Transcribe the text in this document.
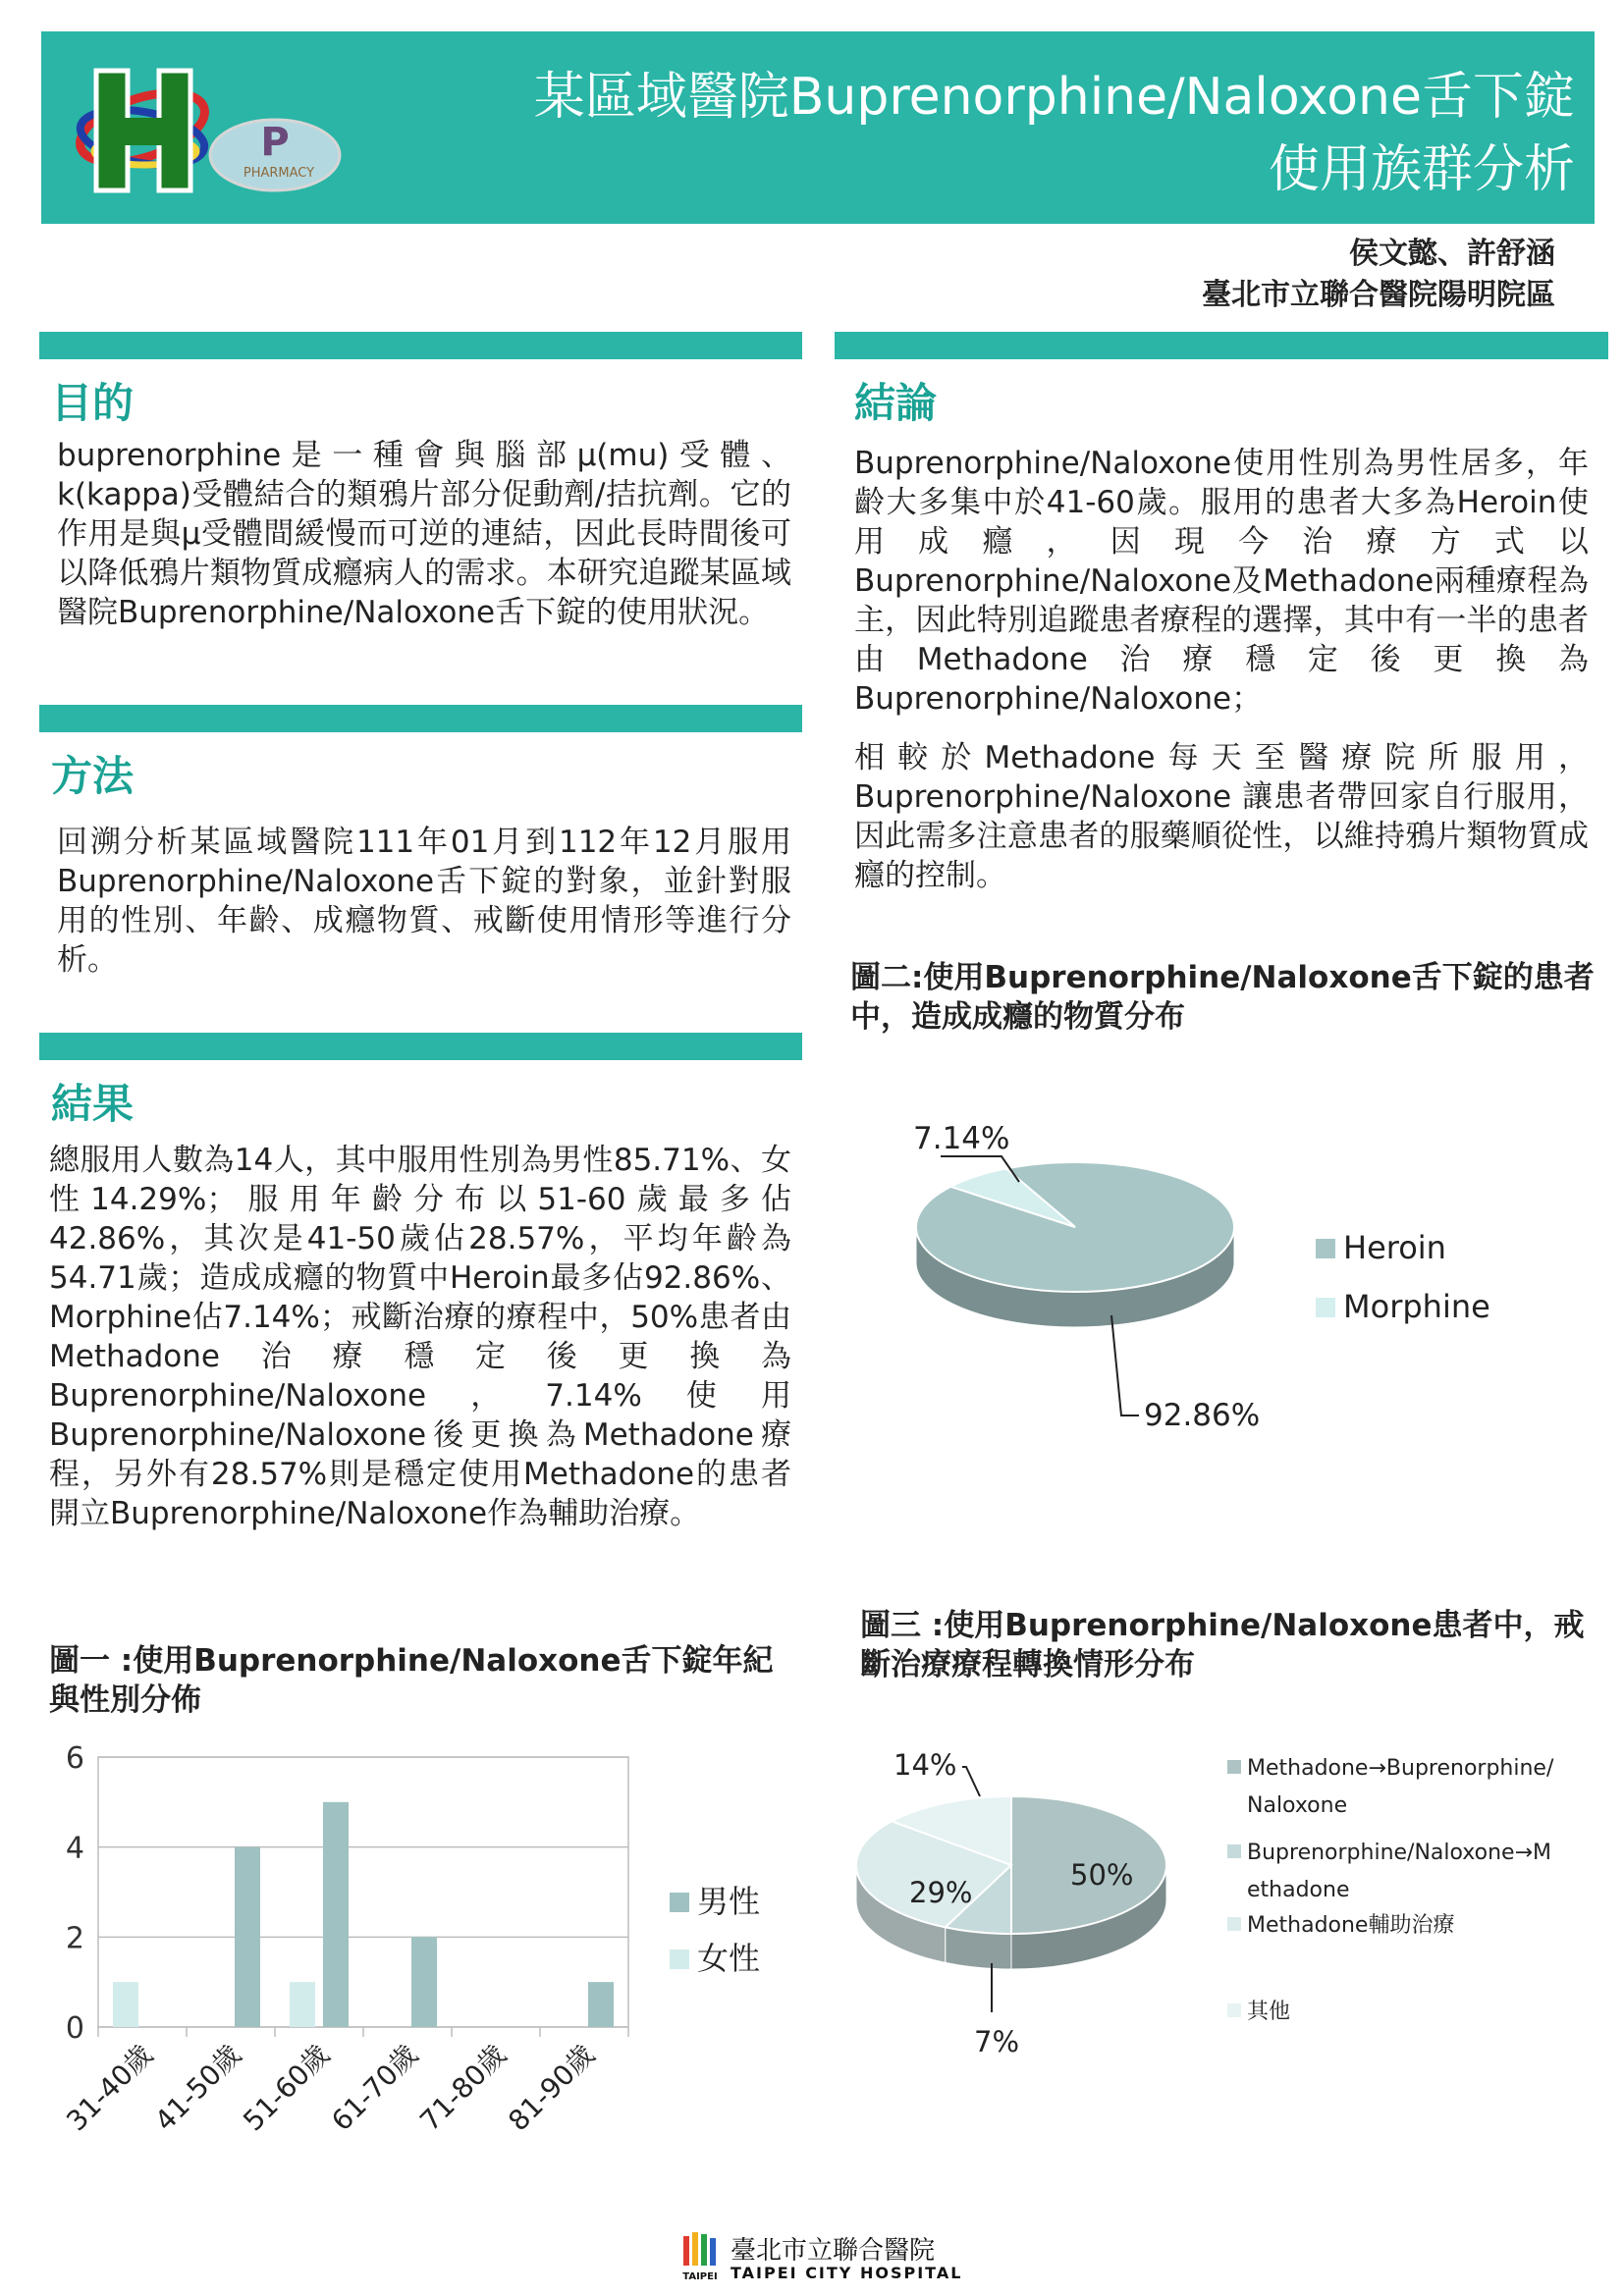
P
PHARMACY
某區域醫院Buprenorphine/Naloxone舌下錠
使用族群分析
侯文懿、許舒涵
臺北市立聯合醫院陽明院區
目的
buprenorphine是一種會與腦部μ(mu)受體、k(kappa)受體結合的類鴉片部分促動劑/拮抗劑。它的作用是與μ受體間緩慢而可逆的連結，因此長時間後可以降低鴉片類物質成癮病人的需求。本研究追蹤某區域醫院Buprenorphine/Naloxone舌下錠的使用狀況。
方法
回溯分析某區域醫院111年01月到112年12月服用Buprenorphine/Naloxone舌下錠的對象，並針對服用的性別、年齡、成癮物質、戒斷使用情形等進行分析。
結果
總服用人數為14人，其中服用性別為男性85.71%、女性14.29%；服用年齡分布以51-60歲最多佔42.86%，其次是41-50歲佔28.57%，平均年齡為54.71歲；造成成癮的物質中Heroin最多佔92.86%、Morphine佔7.14%；戒斷治療的療程中，50%患者由Methadone治療穩定後更換為Buprenorphine/Naloxone，7.14%使用Buprenorphine/Naloxone後更換為Methadone療程，另外有28.57%則是穩定使用Methadone的患者開立Buprenorphine/Naloxone作為輔助治療。
圖一 :使用Buprenorphine/Naloxone舌下錠年紀與性別分佈
0
2
4
6
31-40歲
41-50歲
51-60歲
61-70歲
71-80歲
81-90歲
男性
女性
結論
Buprenorphine/Naloxone使用性別為男性居多，年齡大多集中於41-60歲。服用的患者大多為Heroin使用成癮，因現今治療方式以Buprenorphine/Naloxone及Methadone兩種療程為主，因此特別追蹤患者療程的選擇，其中有一半的患者由Methadone治療穩定後更換為Buprenorphine/Naloxone；
相較於Methadone每天至醫療院所服用，Buprenorphine/Naloxone 讓患者帶回家自行服用，因此需多注意患者的服藥順從性，以維持鴉片類物質成癮的控制。
圖二:使用Buprenorphine/Naloxone舌下錠的患者中，造成成癮的物質分布
7.14%
92.86%
Heroin
Morphine
圖三 :使用Buprenorphine/Naloxone患者中，戒斷治療療程轉換情形分布
50%
29%
7%
14%	Methadone→Buprenorphine/
Naloxone
Buprenorphine/Naloxone→M
ethadone
Methadone輔助治療
其他
TAIPEI
臺北市立聯合醫院
TAIPEI CITY HOSPITAL
